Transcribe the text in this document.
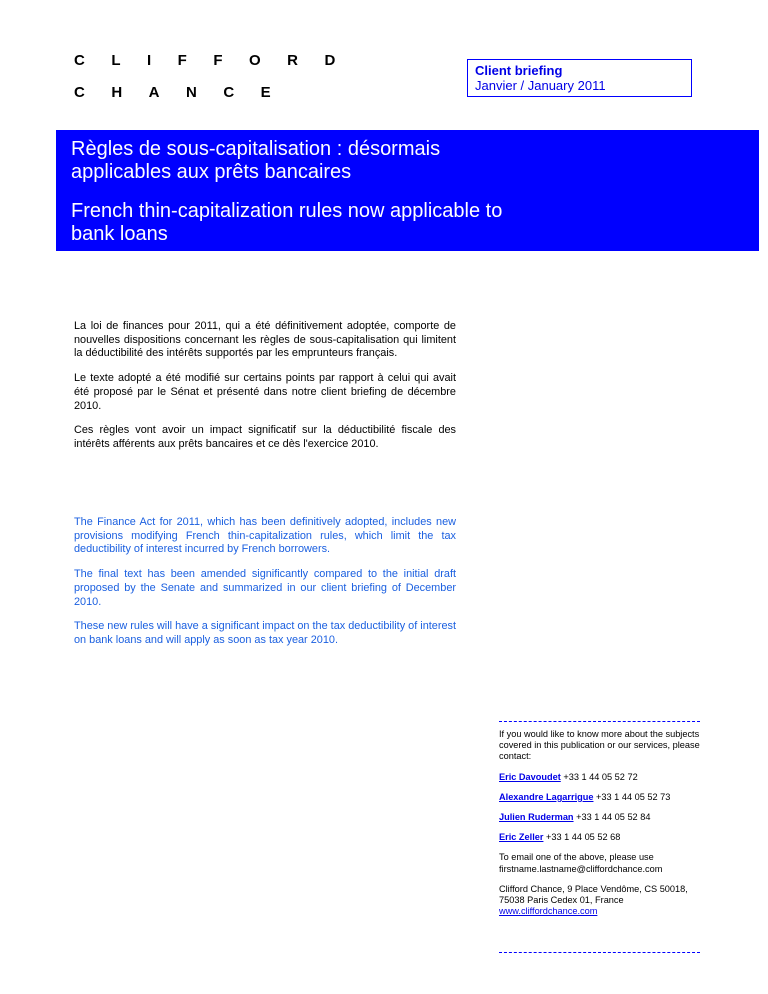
CLIFFORD
CHANCE
Client briefing
Janvier / January 2011
Règles de sous-capitalisation : désormais applicables aux prêts bancaires
French thin-capitalization rules now applicable to bank loans

La loi de finances pour 2011, qui a été définitivement adoptée, comporte de nouvelles dispositions concernant les règles de sous-capitalisation qui limitent la déductibilité des intérêts supportés par les emprunteurs français.

Le texte adopté a été modifié sur certains points par rapport à celui qui avait été proposé par le Sénat et présenté dans notre client briefing de décembre 2010.

Ces règles vont avoir un impact significatif sur la déductibilité fiscale des intérêts afférents aux prêts bancaires et ce dès l'exercice 2010.

The Finance Act for 2011, which has been definitively adopted, includes new provisions modifying French thin-capitalization rules, which limit the tax deductibility of interest incurred by French borrowers.

The final text has been amended significantly compared to the initial draft proposed by the Senate and summarized in our client briefing of December 2010.

These new rules will have a significant impact on the tax deductibility of interest on bank loans and will apply as soon as tax year 2010.

If you would like to know more about the subjects covered in this publication or our services, please contact:

Eric Davoudet +33 1 44 05 52 72

Alexandre Lagarrigue +33 1 44 05 52 73

Julien Ruderman +33 1 44 05 52 84

Eric Zeller +33 1 44 05 52 68

To email one of the above, please use firstname.lastname@cliffordchance.com

Clifford Chance, 9 Place Vendôme, CS 50018, 75038 Paris Cedex 01, France
www.cliffordchance.com
